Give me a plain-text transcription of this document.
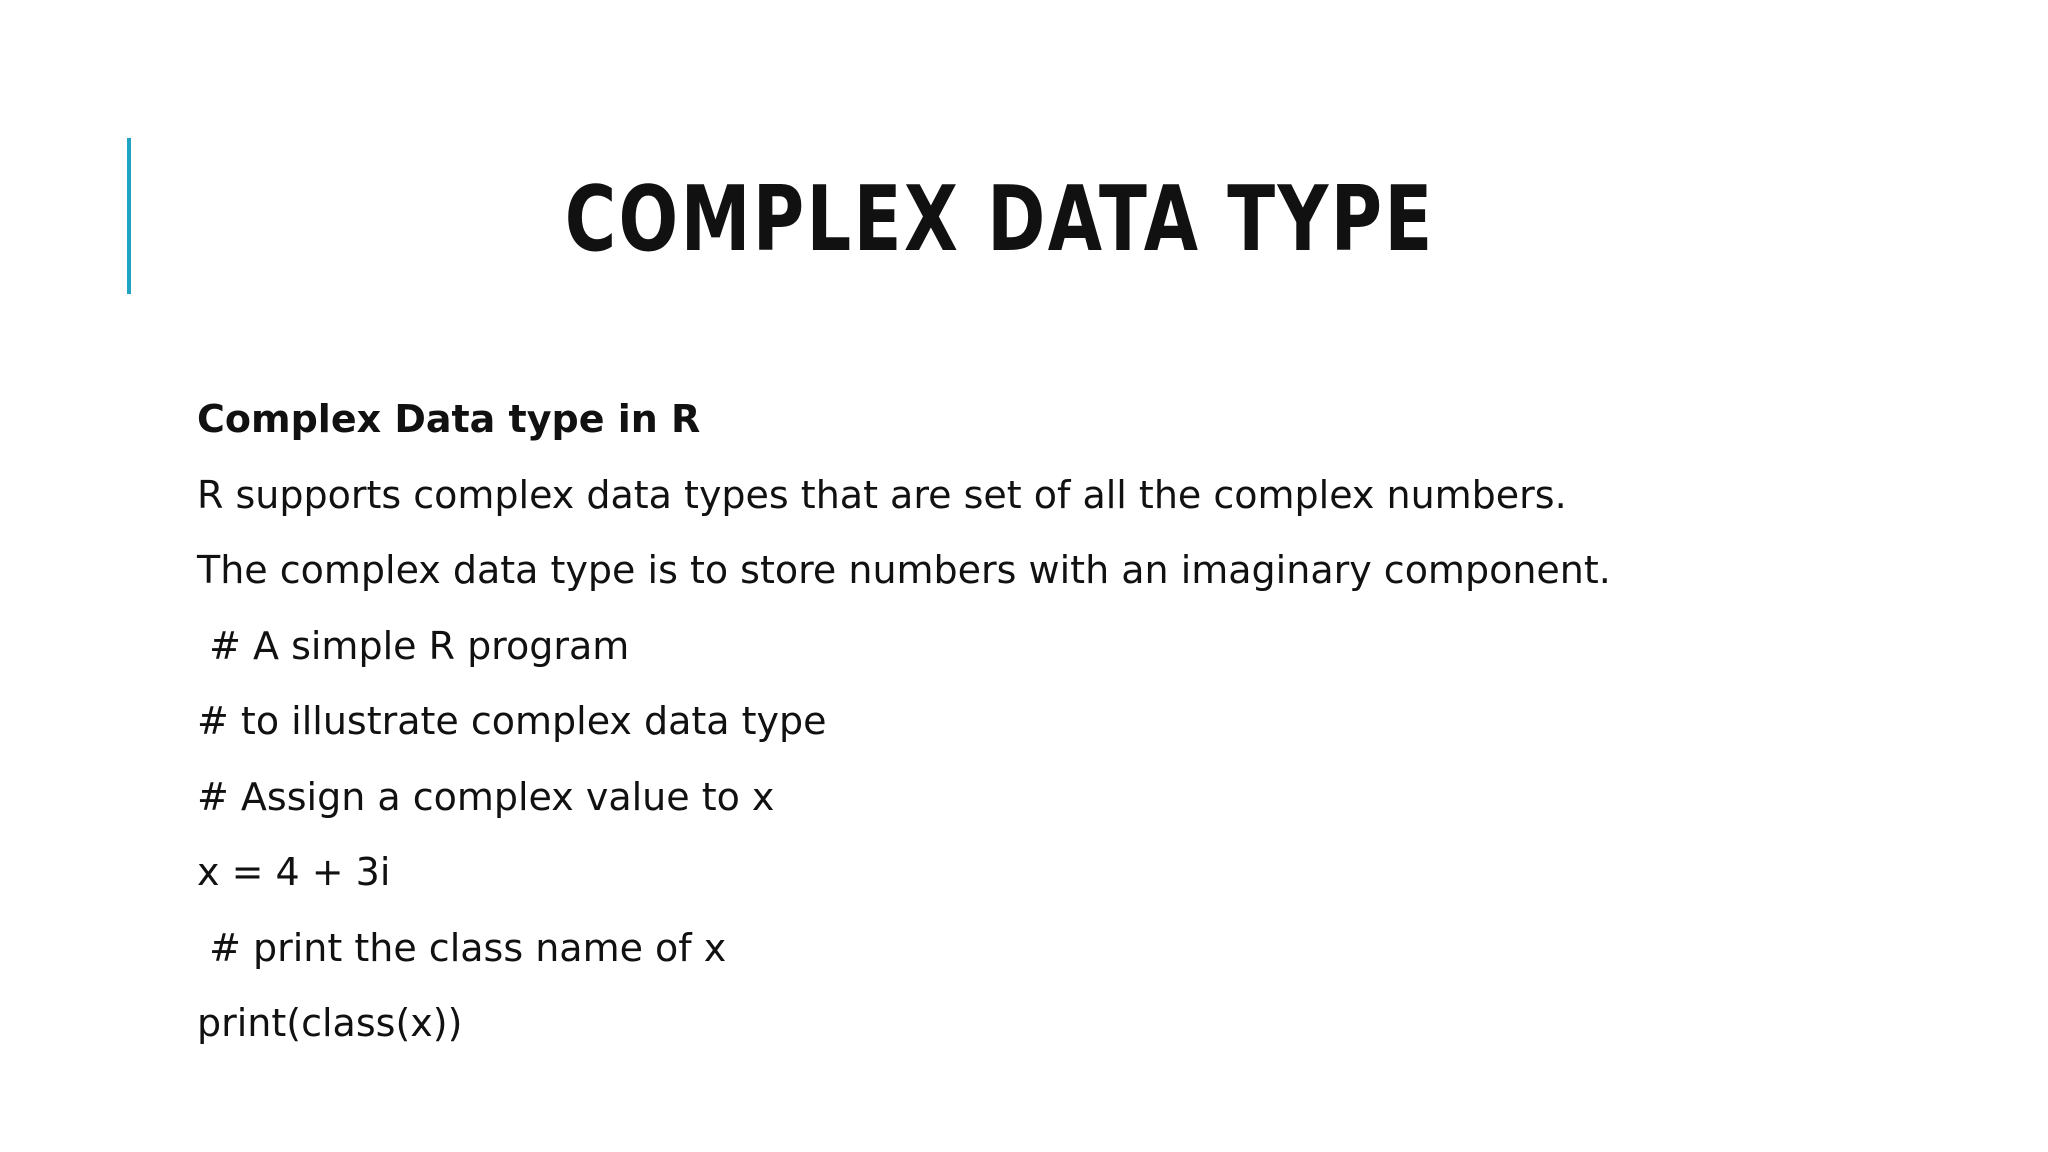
COMPLEX DATA TYPE
Complex Data type in R
R supports complex data types that are set of all the complex numbers.
The complex data type is to store numbers with an imaginary component.
# A simple R program
# to illustrate complex data type
# Assign a complex value to x
x = 4 + 3i
# print the class name of x
print(class(x))
